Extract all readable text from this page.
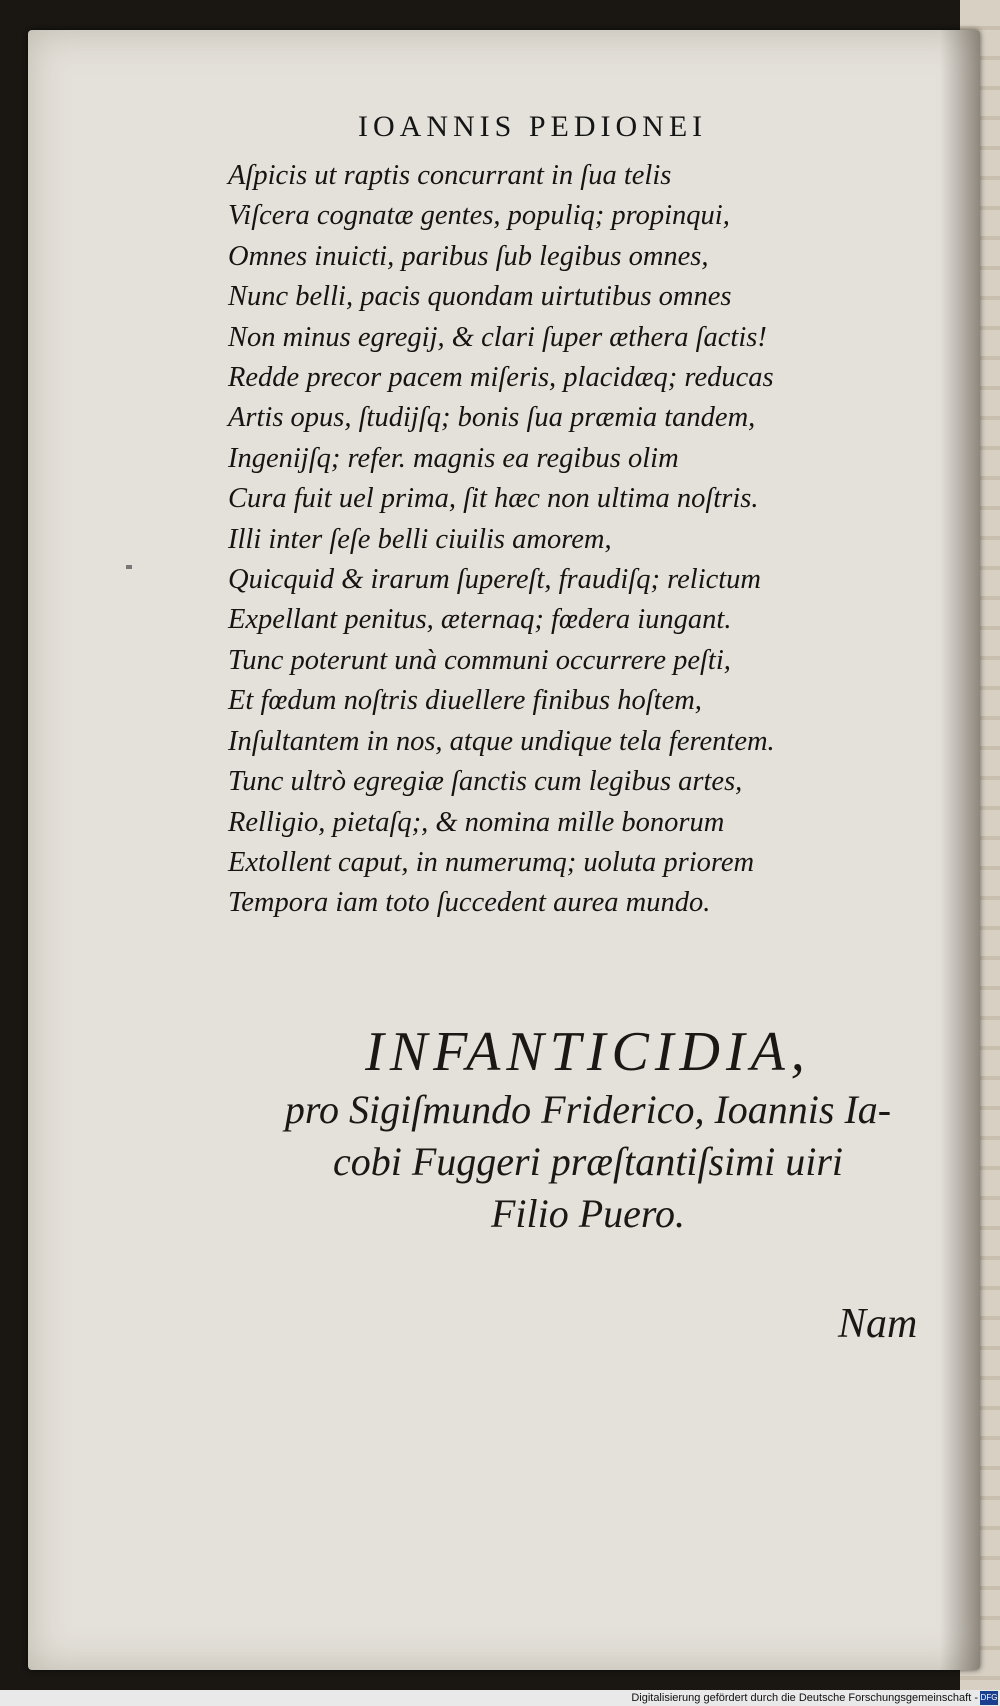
IOANNIS PEDIONEI
Aſpicis ut raptis concurrant in ſua telis
Viſcera cognatæ gentes, populiq; propinqui,
Omnes inuicti, paribus ſub legibus omnes,
Nunc belli, pacis quondam uirtutibus omnes
Non minus egregij, & clari ſuper æthera ſactis!
Redde precor pacem miſeris, placidæq; reducas
Artis opus, ſtudijſq; bonis ſua præmia tandem,
Ingenijſq; refer. magnis ea regibus olim
Cura fuit uel prima, ſit hæc non ultima noſtris.
Illi inter ſeſe belli ciuilis amorem,
Quicquid & irarum ſupereſt, fraudiſq; relictum
Expellant penitus, æternaq; fœdera iungant.
Tunc poterunt unà communi occurrere peſti,
Et fœdum noſtris diuellere finibus hoſtem,
Inſultantem in nos, atque undique tela ferentem.
Tunc ultrò egregiæ ſanctis cum legibus artes,
Relligio, pietaſq;, & nomina mille bonorum
Extollent caput, in numerumq; uoluta priorem
Tempora iam toto ſuccedent aurea mundo.
INFANTICIDIA,
pro Sigiſmundo Friderico, Ioannis Ia-
cobi Fuggeri præſtantiſsimi uiri
Filio Puero.
Nam
Digitalisierung gefördert durch die Deutsche Forschungsgemeinschaft - DFG
